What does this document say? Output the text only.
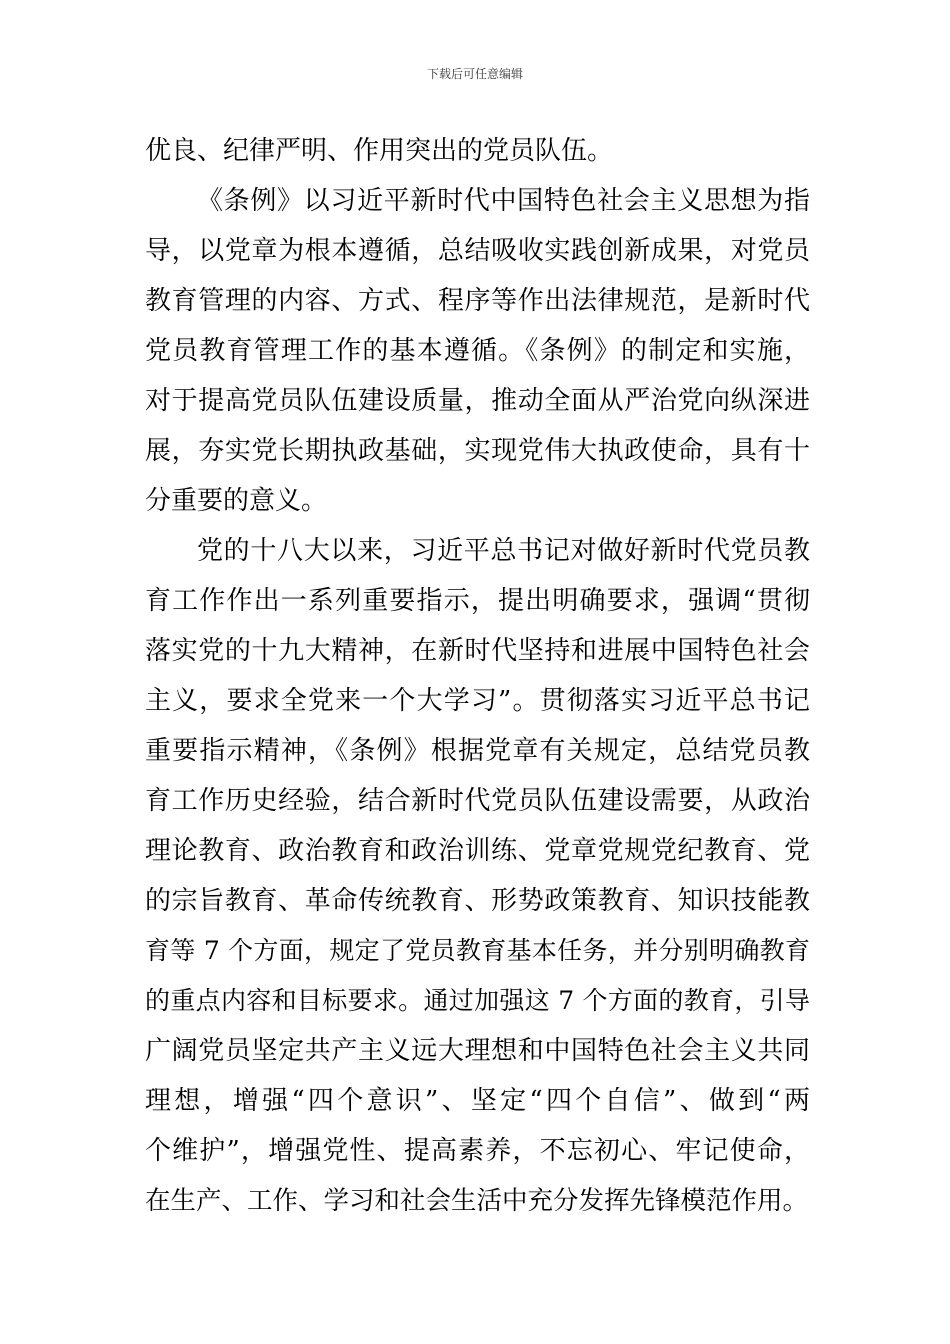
下载后可任意编辑
优良、纪律严明、作用突出的党员队伍。
《条例》以习近平新时代中国特色社会主义思想为指
导，以党章为根本遵循，总结吸收实践创新成果，对党员
教育管理的内容、方式、程序等作出法律规范，是新时代
党员教育管理工作的基本遵循。《条例》的制定和实施，
对于提高党员队伍建设质量，推动全面从严治党向纵深进
展，夯实党长期执政基础，实现党伟大执政使命，具有十
分重要的意义。
党的十八大以来，习近平总书记对做好新时代党员教
育工作作出一系列重要指示，提出明确要求，强调“贯彻
落实党的十九大精神，在新时代坚持和进展中国特色社会
主义，要求全党来一个大学习”。贯彻落实习近平总书记
重要指示精神，《条例》根据党章有关规定，总结党员教
育工作历史经验，结合新时代党员队伍建设需要，从政治
理论教育、政治教育和政治训练、党章党规党纪教育、党
的宗旨教育、革命传统教育、形势政策教育、知识技能教
育等 7 个方面，规定了党员教育基本任务，并分别明确教育
的重点内容和目标要求。通过加强这 7 个方面的教育，引导
广阔党员坚定共产主义远大理想和中国特色社会主义共同
理想，增强“四个意识”、坚定“四个自信”、做到“两
个维护”，增强党性、提高素养，不忘初心、牢记使命，
在生产、工作、学习和社会生活中充分发挥先锋模范作用。
